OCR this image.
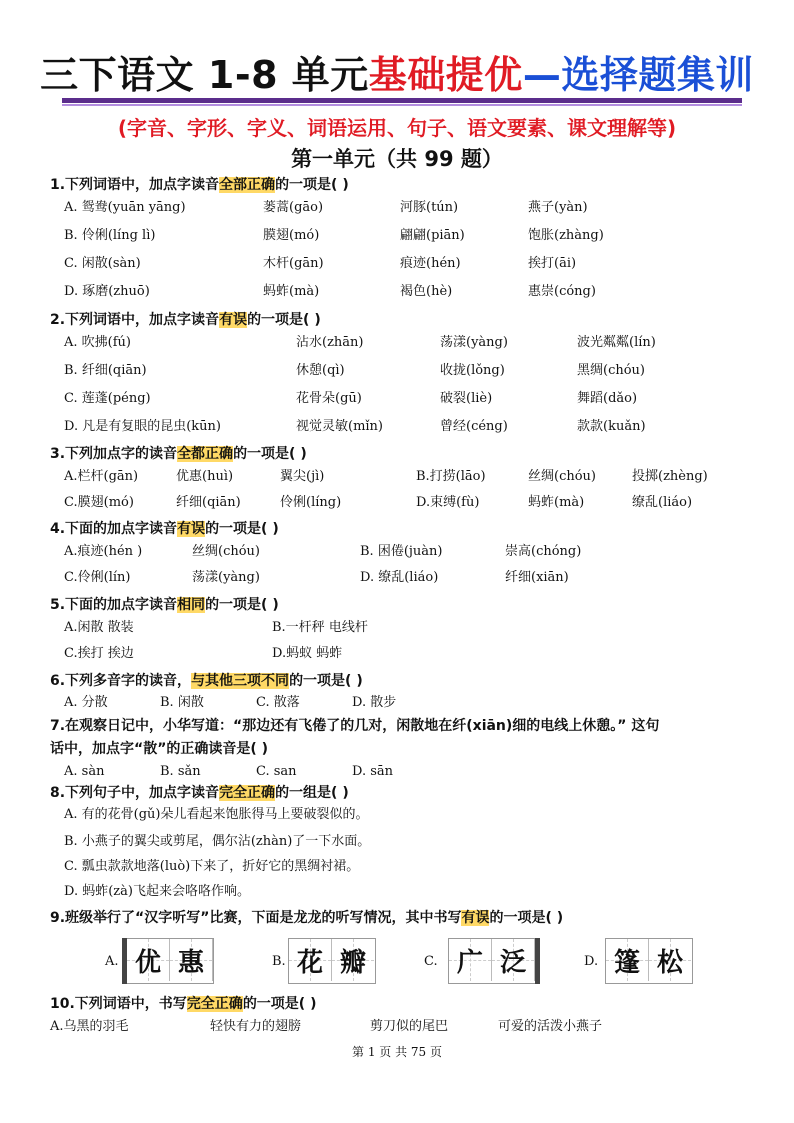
三下语文 1-8 单元基础提优—选择题集训
(字音、字形、字义、词语运用、句子、语文要素、课文理解等)
第一单元（共 99 题）
1.下列词语中，加点字读音全部正确的一项是( )
A. 鸳鸯(yuān yāng)	蒌蒿(gāo)	河豚(tún)	燕子(yàn)
B. 伶俐(líng lì)	膜翅(mó)	翩翩(piān)	饱胀(zhàng)
C. 闲散(sàn)	木杆(gān)	痕迹(hén)	挨打(āi)
D. 琢磨(zhuō)	蚂蚱(mà)	褐色(hè)	惠崇(cóng)
2.下列词语中，加点字读音有误的一项是( )
A. 吹拂(fú)	沾水(zhān)	荡漾(yàng)	波光粼粼(lín)
B. 纤细(qiān)	休憩(qì)	收拢(lǒng)	黑绸(chóu)
C. 莲蓬(péng)	花骨朵(gū)	破裂(liè)	舞蹈(dǎo)
D. 凡是有复眼的昆虫(kūn)	视觉灵敏(mǐn)	曾经(céng)	款款(kuǎn)
3.下列加点字的读音全都正确的一项是( )
A.栏杆(gān)	优惠(huì)	翼尖(jì)	B.打捞(lāo)	丝绸(chóu)	投掷(zhèng)
C.膜翅(mó)	纤细(qiān)	伶俐(líng)	D.束缚(fù)	蚂蚱(mà)	缭乱(liáo)
4.下面的加点字读音有误的一项是( )
A.痕迹(hén )	丝绸(chóu)	B. 困倦(juàn)	崇高(chóng)
C.伶俐(lín)	荡漾(yàng)	D. 缭乱(liáo)	纤细(xiān)
5.下面的加点字读音相同的一项是( )
A.闲散 散装	B.一杆秤 电线杆
C.挨打 挨边	D.蚂蚁 蚂蚱
6.下列多音字的读音，与其他三项不同的一项是( )
A. 分散	B. 闲散	C. 散落	D. 散步
7.在观察日记中，小华写道：“那边还有飞倦了的几对，闲散地在纤(xiān)细的电线上休憩。” 这句
话中，加点字“散”的正确读音是( )
A. sàn	B. sǎn	C. san	D. sān
8.下列句子中，加点字读音完全正确的一组是( )
A. 有的花骨(gǔ)朵儿看起来饱胀得马上要破裂似的。
B. 小燕子的翼尖或剪尾，偶尔沾(zhàn)了一下水面。
C. 瓢虫款款地落(luò)下来了，折好它的黑绸衬裙。
D. 蚂蚱(zà)飞起来会咯咯作响。
9.班级举行了“汉字听写”比赛，下面是龙龙的听写情况，其中书写有误的一项是( )
A. 优 惠	B. 花 瓣	C. 广 泛	D. 篷 松
10.下列词语中，书写完全正确的一项是( )
A.乌黑的羽毛	轻快有力的翅膀	剪刀似的尾巴	可爱的活泼小燕子
第 1 页 共 75 页
